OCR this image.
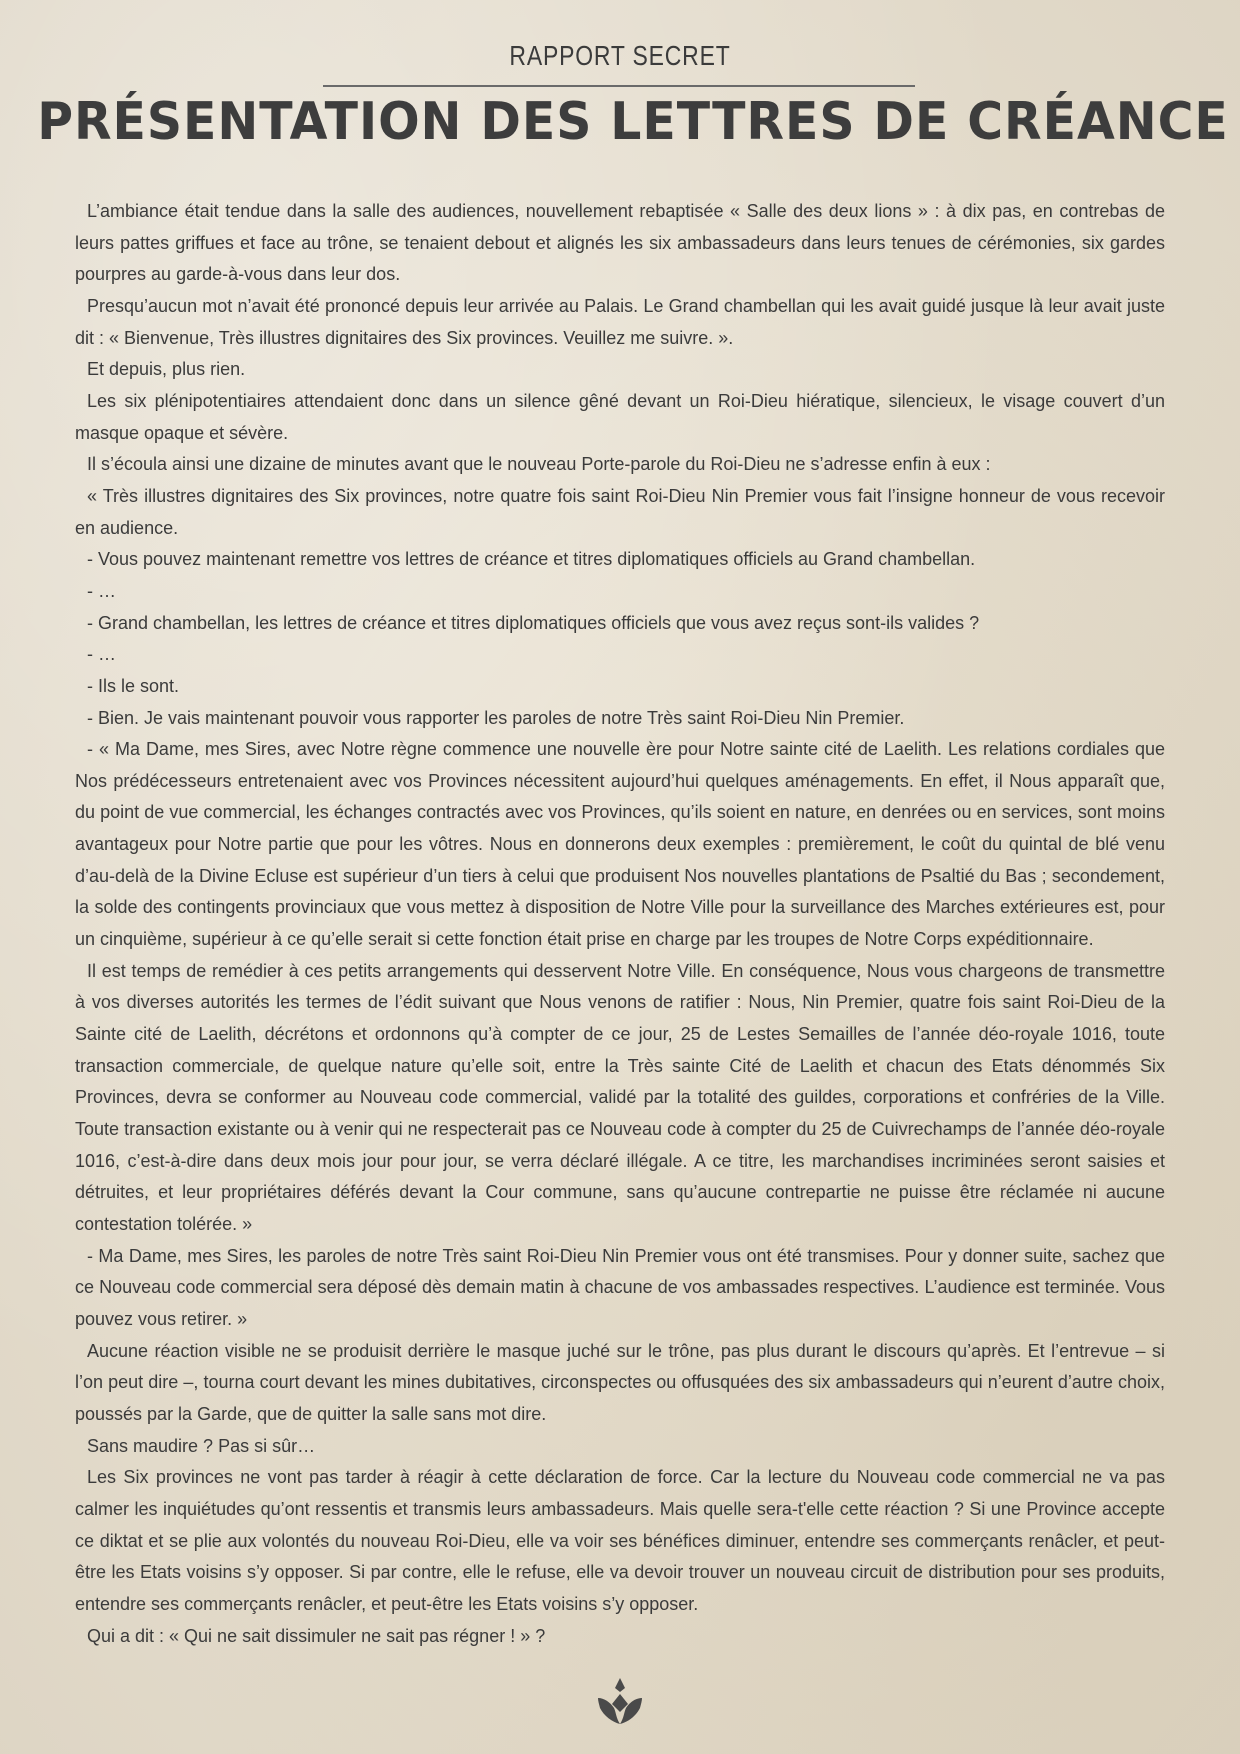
RAPPORT SECRET
PRÉSENTATION DES LETTRES DE CRÉANCE

L’ambiance était tendue dans la salle des audiences, nouvellement rebaptisée « Salle des deux lions » : à dix pas, en contrebas de leurs pattes griffues et face au trône, se tenaient debout et alignés les six ambassadeurs dans leurs tenues de cérémonies, six gardes pourpres au garde-à-vous dans leur dos.

Presqu’aucun mot n’avait été prononcé depuis leur arrivée au Palais. Le Grand chambellan qui les avait guidé jusque là leur avait juste dit : « Bienvenue, Très illustres dignitaires des Six provinces. Veuillez me suivre. ».

Et depuis, plus rien.

Les six plénipotentiaires attendaient donc dans un silence gêné devant un Roi-Dieu hiératique, silencieux, le visage couvert d’un masque opaque et sévère.

Il s’écoula ainsi une dizaine de minutes avant que le nouveau Porte-parole du Roi-Dieu ne s’adresse enfin à eux :

« Très illustres dignitaires des Six provinces, notre quatre fois saint Roi-Dieu Nin Premier vous fait l’insigne honneur de vous recevoir en audience.

- Vous pouvez maintenant remettre vos lettres de créance et titres diplomatiques officiels au Grand chambellan.

- …

- Grand chambellan, les lettres de créance et titres diplomatiques officiels que vous avez reçus sont-ils valides ?

- …

- Ils le sont.

- Bien. Je vais maintenant pouvoir vous rapporter les paroles de notre Très saint Roi-Dieu Nin Premier.

- « Ma Dame, mes Sires, avec Notre règne commence une nouvelle ère pour Notre sainte cité de Laelith. Les relations cordiales que Nos prédécesseurs entretenaient avec vos Provinces nécessitent aujourd’hui quelques aménagements. En effet, il Nous apparaît que, du point de vue commercial, les échanges contractés avec vos Provinces, qu’ils soient en nature, en denrées ou en services, sont moins avantageux pour Notre partie que pour les vôtres. Nous en donnerons deux exemples : premièrement, le coût du quintal de blé venu d’au-delà de la Divine Ecluse est supérieur d’un tiers à celui que produisent Nos nouvelles plantations de Psaltié du Bas ; secondement, la solde des contingents provinciaux que vous mettez à disposition de Notre Ville pour la surveillance des Marches extérieures est, pour un cinquième, supérieur à ce qu’elle serait si cette fonction était prise en charge par les troupes de Notre Corps expéditionnaire.

Il est temps de remédier à ces petits arrangements qui desservent Notre Ville. En conséquence, Nous vous chargeons de transmettre à vos diverses autorités les termes de l’édit suivant que Nous venons de ratifier : Nous, Nin Premier, quatre fois saint Roi-Dieu de la Sainte cité de Laelith, décrétons et ordonnons qu’à compter de ce jour, 25 de Lestes Semailles de l’année déo-royale 1016, toute transaction commerciale, de quelque nature qu’elle soit, entre la Très sainte Cité de Laelith et chacun des Etats dénommés Six Provinces, devra se conformer au Nouveau code commercial, validé par la totalité des guildes, corporations et confréries de la Ville. Toute transaction existante ou à venir qui ne respecterait pas ce Nouveau code à compter du 25 de Cuivrechamps de l’année déo-royale 1016, c’est-à-dire dans deux mois jour pour jour, se verra déclaré illégale. A ce titre, les marchandises incriminées seront saisies et détruites, et leur propriétaires déférés devant la Cour commune, sans qu’aucune contrepartie ne puisse être réclamée ni aucune contestation tolérée. »

- Ma Dame, mes Sires, les paroles de notre Très saint Roi-Dieu Nin Premier vous ont été transmises. Pour y donner suite, sachez que ce Nouveau code commercial sera déposé dès demain matin à chacune de vos ambassades respectives. L’audience est terminée. Vous pouvez vous retirer. »

Aucune réaction visible ne se produisit derrière le masque juché sur le trône, pas plus durant le discours qu’après. Et l’entrevue – si l’on peut dire –, tourna court devant les mines dubitatives, circonspectes ou offusquées des six ambassadeurs qui n’eurent d’autre choix, poussés par la Garde, que de quitter la salle sans mot dire.

Sans maudire ? Pas si sûr…

Les Six provinces ne vont pas tarder à réagir à cette déclaration de force. Car la lecture du Nouveau code commercial ne va pas calmer les inquiétudes qu’ont ressentis et transmis leurs ambassadeurs. Mais quelle sera-t'elle cette réaction ? Si une Province accepte ce diktat et se plie aux volontés du nouveau Roi-Dieu, elle va voir ses bénéfices diminuer, entendre ses commerçants renâcler, et peut-être les Etats voisins s’y opposer. Si par contre, elle le refuse, elle va devoir trouver un nouveau circuit de distribution pour ses produits, entendre ses commerçants renâcler, et peut-être les Etats voisins s’y opposer.

Qui a dit : « Qui ne sait dissimuler ne sait pas régner ! » ?
